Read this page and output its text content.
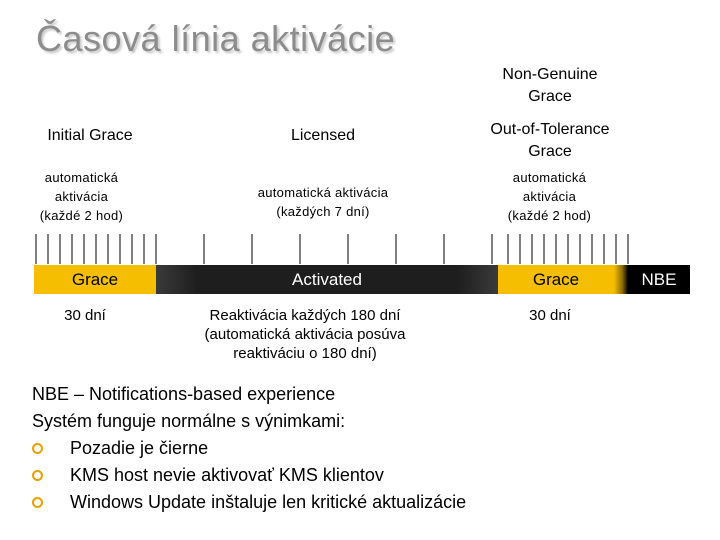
Časová línia aktivácie
Non-Genuine
Grace
Initial Grace	Licensed	Out-of-Tolerance
Grace
automatická
aktivácia
(každé 2 hod)
automatická aktivácia
(každých 7 dní)
automatická
aktivácia
(každé 2 hod)
Grace	Activated	Grace	NBE
30 dní	Reaktivácia každých 180 dní
(automatická aktivácia posúva
reaktiváciu o 180 dní)
30 dní
NBE – Notifications-based experience
Systém funguje normálne s výnimkami:
Pozadie je čierne
KMS host nevie aktivovať KMS klientov
Windows Update inštaluje len kritické aktualizácie
